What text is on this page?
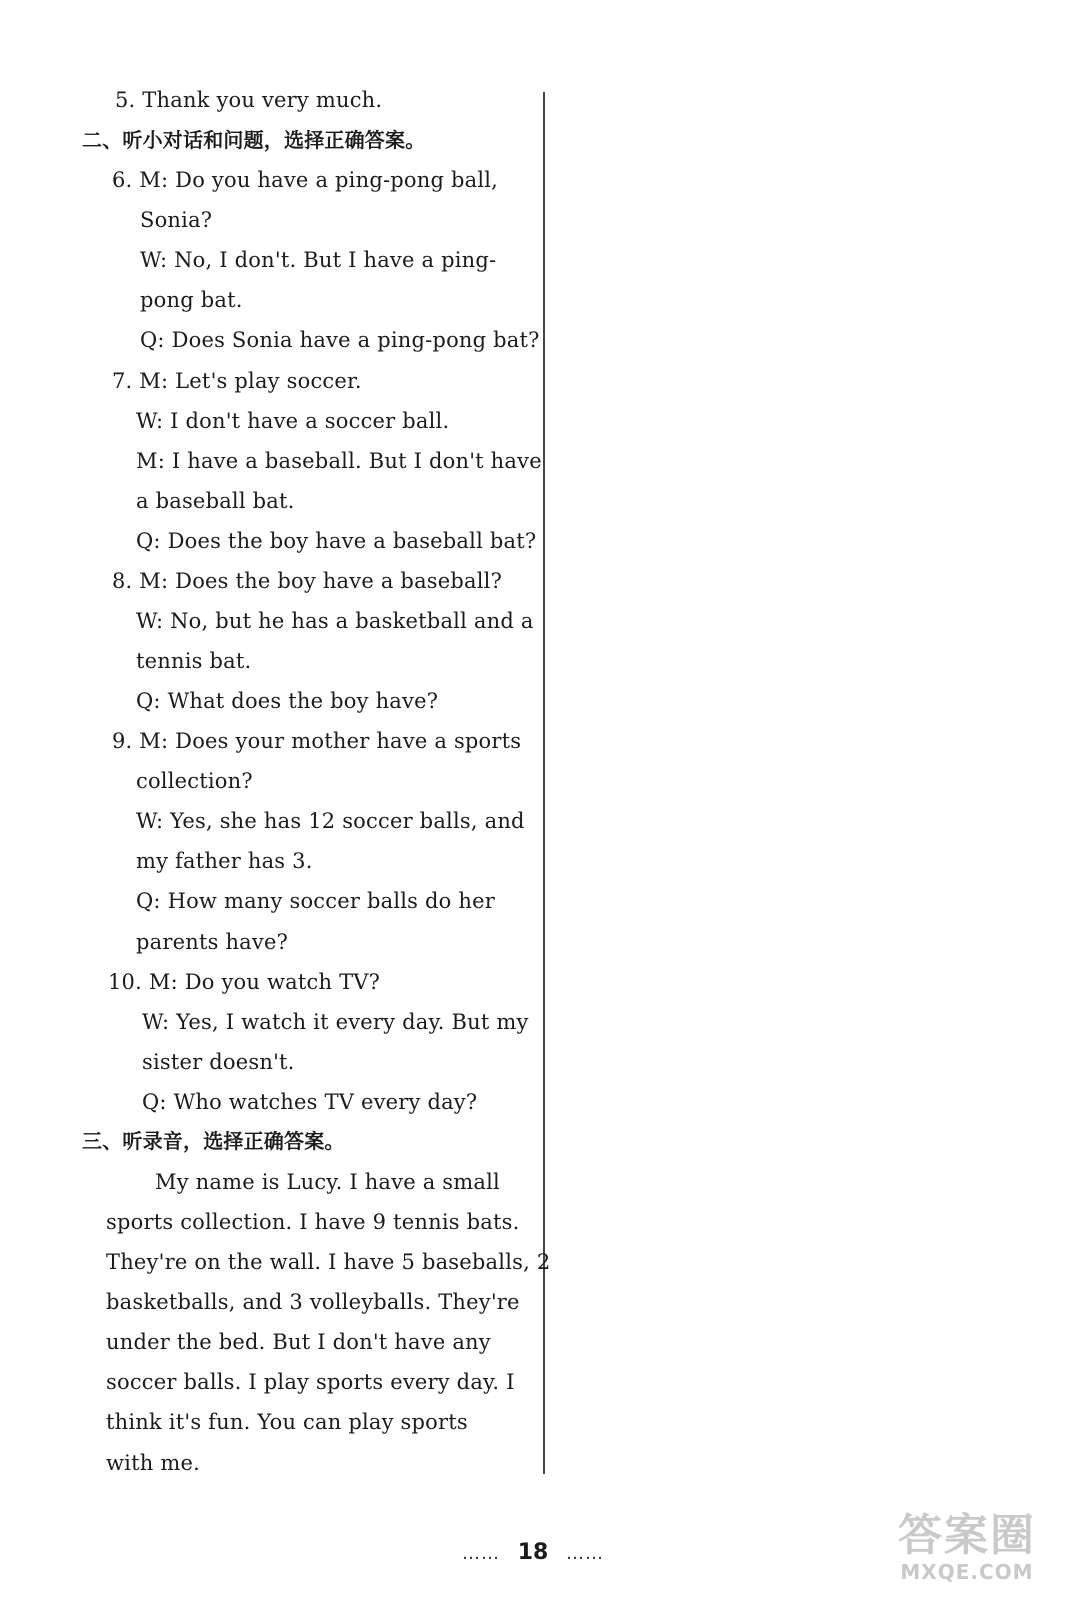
5. Thank you very much.
二、听小对话和问题，选择正确答案。
6. M: Do you have a ping-pong ball,
Sonia?
W: No, I don't. But I have a ping-
pong bat.
Q: Does Sonia have a ping-pong bat?
7. M: Let's play soccer.
W: I don't have a soccer ball.
M: I have a baseball. But I don't have
a baseball bat.
Q: Does the boy have a baseball bat?
8. M: Does the boy have a baseball?
W: No, but he has a basketball and a
tennis bat.
Q: What does the boy have?
9. M: Does your mother have a sports
collection?
W: Yes, she has 12 soccer balls, and
my father has 3.
Q: How many soccer balls do her
parents have?
10. M: Do you watch TV?
W: Yes, I watch it every day. But my
sister doesn't.
Q: Who watches TV every day?
三、听录音，选择正确答案。
My name is Lucy. I have a small
sports collection. I have 9 tennis bats.
They're on the wall. I have 5 baseballs, 2
basketballs, and 3 volleyballs. They're
under the bed. But I don't have any
soccer balls. I play sports every day. I
think it's fun. You can play sports
with me.
…… 18 ……	答案圈
MXQE.COM
